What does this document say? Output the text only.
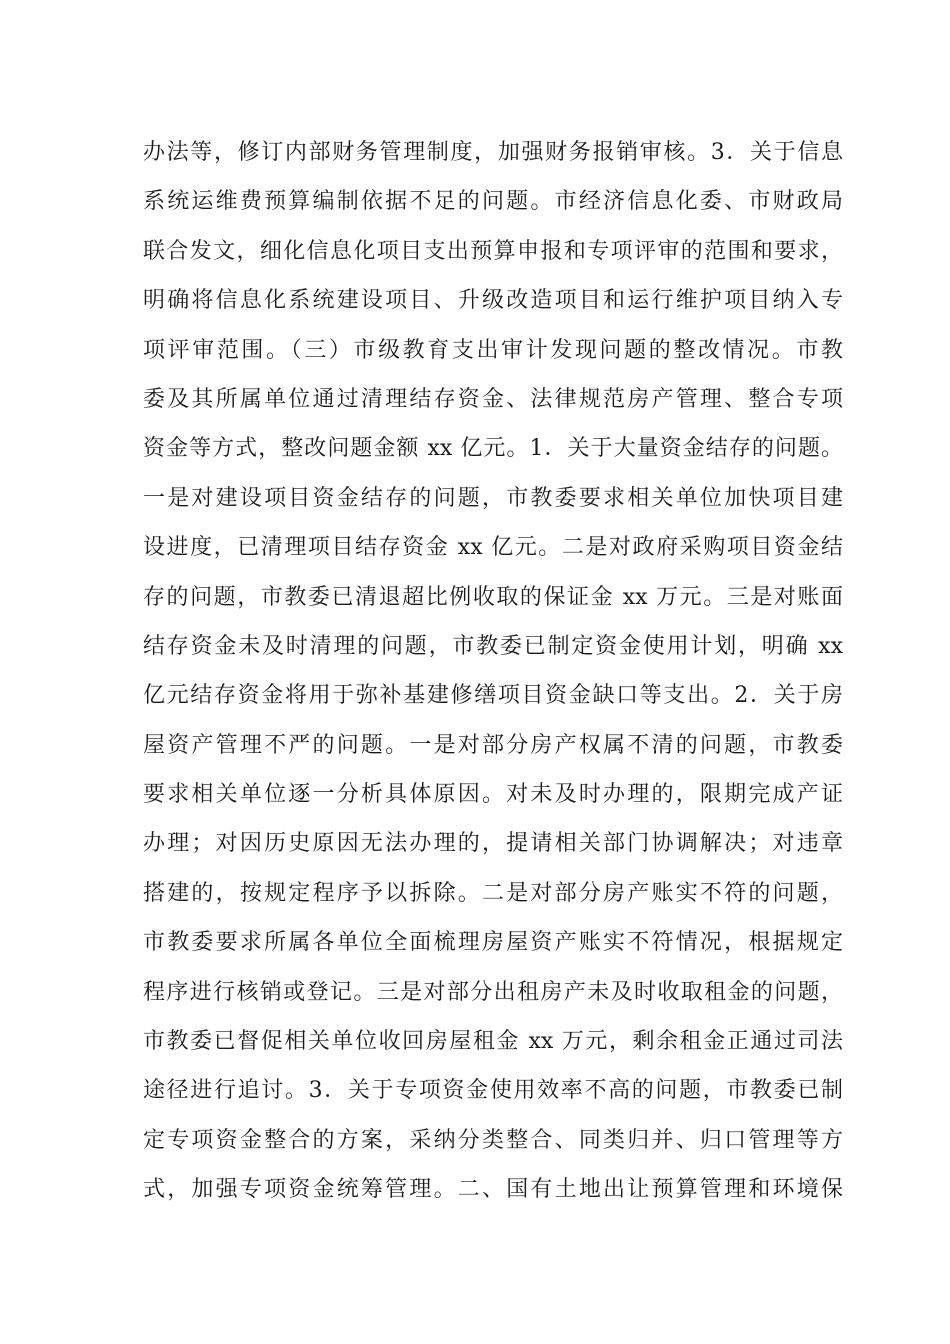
办法等，修订内部财务管理制度，加强财务报销审核。3．关于信息
系统运维费预算编制依据不足的问题。市经济信息化委、市财政局
联合发文，细化信息化项目支出预算申报和专项评审的范围和要求，
明确将信息化系统建设项目、升级改造项目和运行维护项目纳入专
项评审范围。（三）市级教育支出审计发现问题的整改情况。市教
委及其所属单位通过清理结存资金、法律规范房产管理、整合专项
资金等方式，整改问题金额 xx 亿元。1．关于大量资金结存的问题。
一是对建设项目资金结存的问题，市教委要求相关单位加快项目建
设进度，已清理项目结存资金 xx 亿元。二是对政府采购项目资金结
存的问题，市教委已清退超比例收取的保证金 xx 万元。三是对账面
结存资金未及时清理的问题，市教委已制定资金使用计划，明确 xx
亿元结存资金将用于弥补基建修缮项目资金缺口等支出。2．关于房
屋资产管理不严的问题。一是对部分房产权属不清的问题，市教委
要求相关单位逐一分析具体原因。对未及时办理的，限期完成产证
办理；对因历史原因无法办理的，提请相关部门协调解决；对违章
搭建的，按规定程序予以拆除。二是对部分房产账实不符的问题，
市教委要求所属各单位全面梳理房屋资产账实不符情况，根据规定
程序进行核销或登记。三是对部分出租房产未及时收取租金的问题，
市教委已督促相关单位收回房屋租金 xx 万元，剩余租金正通过司法
途径进行追讨。3．关于专项资金使用效率不高的问题，市教委已制
定专项资金整合的方案，采纳分类整合、同类归并、归口管理等方
式，加强专项资金统筹管理。二、国有土地出让预算管理和环境保
